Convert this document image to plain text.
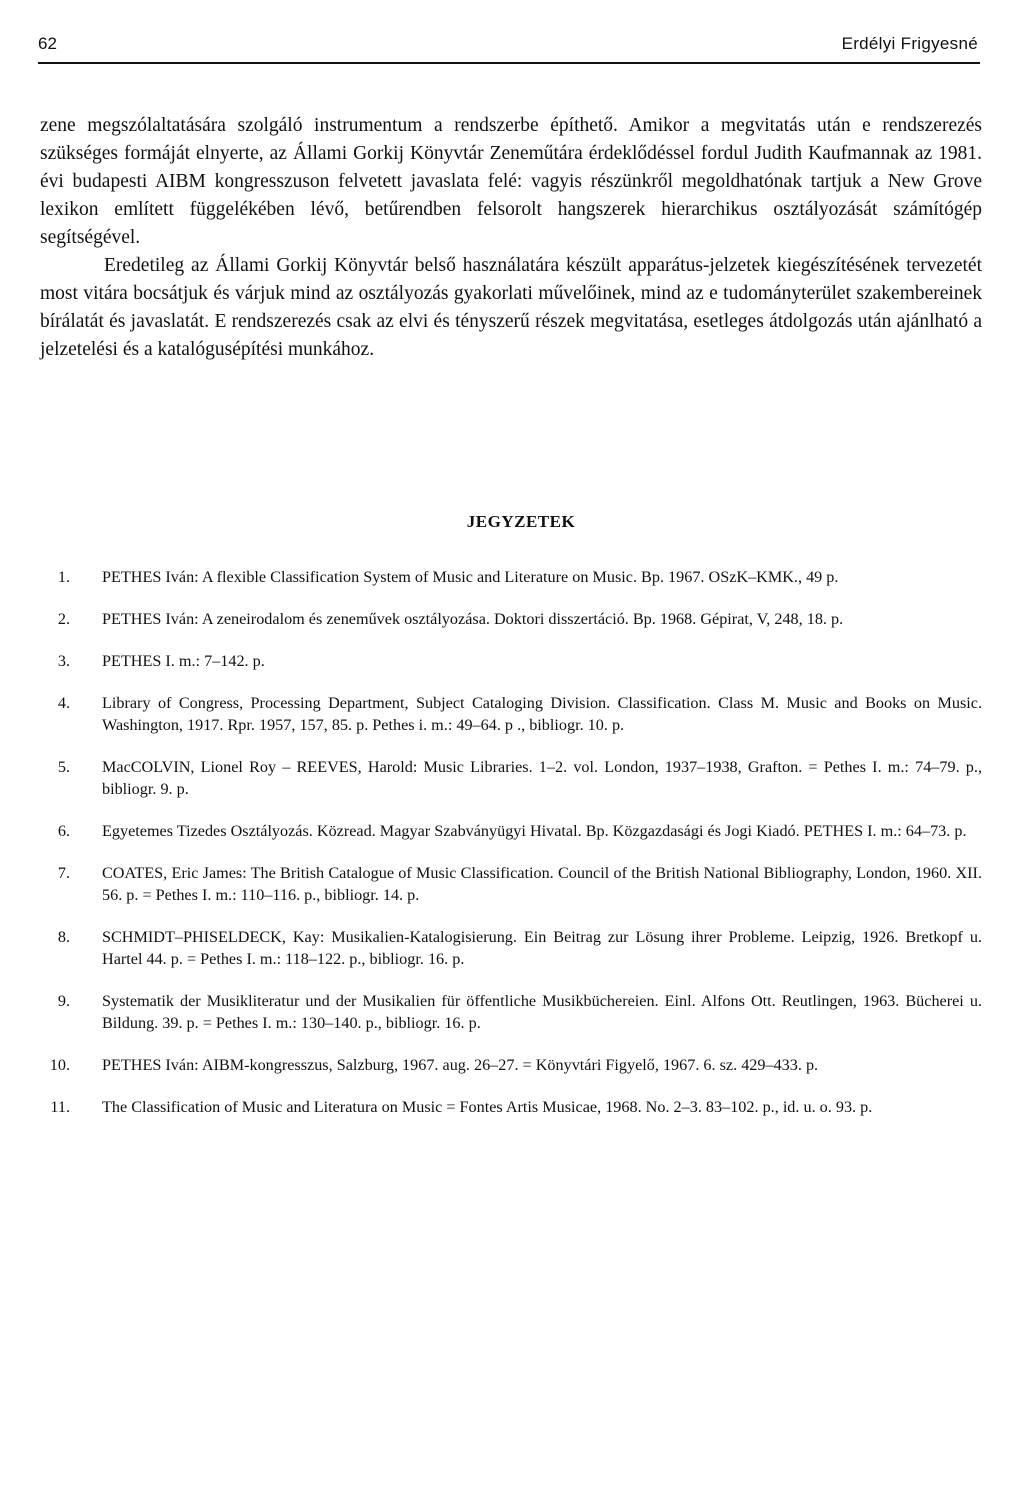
62	Erdélyi Frigyesné

zene megszólaltatására szolgáló instrumentum a rendszerbe építhető. Amikor a megvitatás után e rendszerezés szükséges formáját elnyerte, az Állami Gorkij Könyvtár Zeneműtára érdeklődéssel fordul Judith Kaufmannak az 1981. évi budapesti AIBM kongresszuson felvetett javaslata felé: vagyis részünkről megoldhatónak tartjuk a New Grove lexikon említett függelékében lévő, betűrendben felsorolt hangszerek hierarchikus osztályozását számítógép segítségével.

Eredetileg az Állami Gorkij Könyvtár belső használatára készült apparátus-jelzetek kiegészítésének tervezetét most vitára bocsátjuk és várjuk mind az osztályozás gyakorlati művelőinek, mind az e tudományterület szakembereinek bírálatát és javaslatát. E rendszerezés csak az elvi és tényszerű részek megvitatása, esetleges átdolgozás után ajánlható a jelzetelési és a katalógusépítési munkához.

JEGYZETEK
1. PETHES Iván: A flexible Classification System of Music and Literature on Music. Bp. 1967. OSzK–KMK., 49 p.
2. PETHES Iván: A zeneirodalom és zeneművek osztályozása. Doktori disszertáció. Bp. 1968. Gépirat, V, 248, 18. p.
3. PETHES I. m.: 7–142. p.
4. Library of Congress, Processing Department, Subject Cataloging Division. Classification. Class M. Music and Books on Music. Washington, 1917. Rpr. 1957, 157, 85. p. Pethes i. m.: 49–64. p ., bibliogr. 10. p.
5. MacCOLVIN, Lionel Roy – REEVES, Harold: Music Libraries. 1–2. vol. London, 1937–1938, Grafton. = Pethes I. m.: 74–79. p., bibliogr. 9. p.
6. Egyetemes Tizedes Osztályozás. Közread. Magyar Szabványügyi Hivatal. Bp. Közgazdasági és Jogi Kiadó. PETHES I. m.: 64–73. p.
7. COATES, Eric James: The British Catalogue of Music Classification. Council of the British National Bibliography, London, 1960. XII. 56. p. = Pethes I. m.: 110–116. p., bibliogr. 14. p.
8. SCHMIDT–PHISELDECK, Kay: Musikalien-Katalogisierung. Ein Beitrag zur Lösung ihrer Probleme. Leipzig, 1926. Bretkopf u. Hartel 44. p. = Pethes I. m.: 118–122. p., bibliogr. 16. p.
9. Systematik der Musikliteratur und der Musikalien für öffentliche Musikbüchereien. Einl. Alfons Ott. Reutlingen, 1963. Bücherei u. Bildung. 39. p. = Pethes I. m.: 130–140. p., bibliogr. 16. p.
10. PETHES Iván: AIBM-kongresszus, Salzburg, 1967. aug. 26–27. = Könyvtári Figyelő, 1967. 6. sz. 429–433. p.
11. The Classification of Music and Literatura on Music = Fontes Artis Musicae, 1968. No. 2–3. 83–102. p., id. u. o. 93. p.
